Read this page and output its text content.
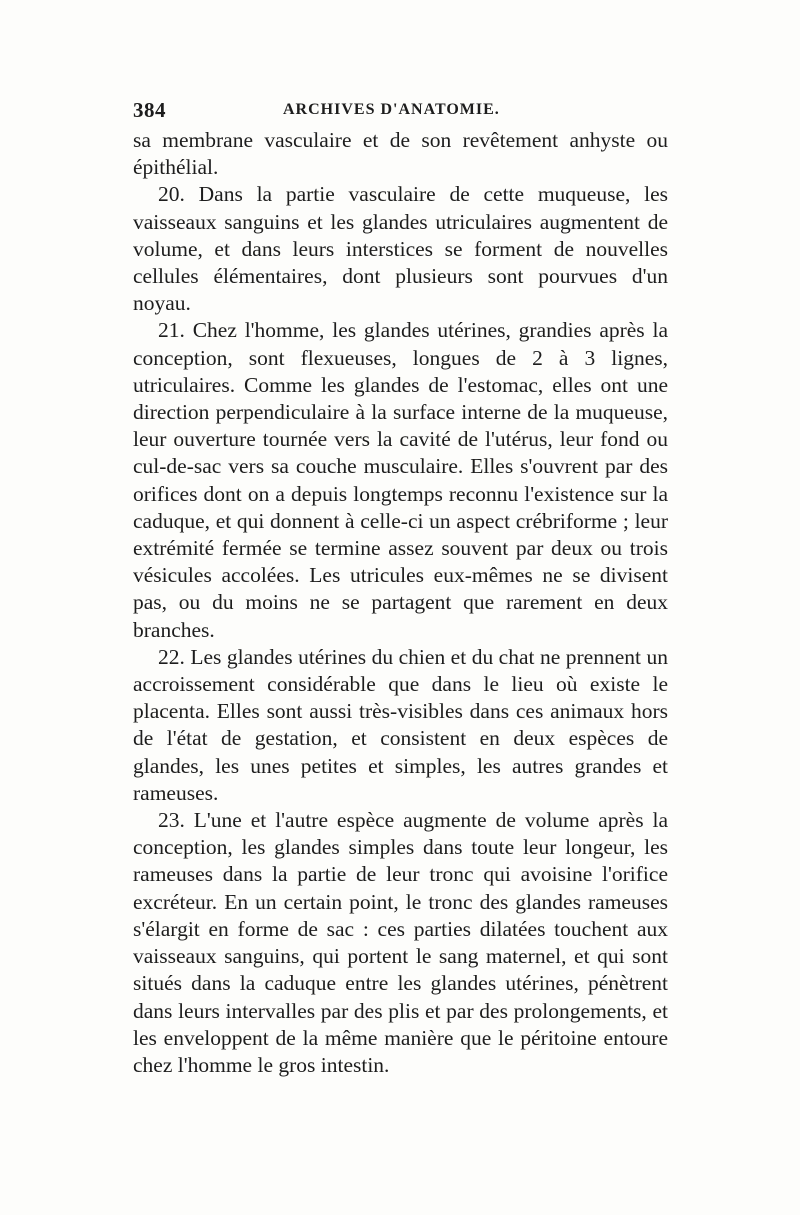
384	ARCHIVES D'ANATOMIE.

sa membrane vasculaire et de son revêtement anhyste ou épithélial.

20. Dans la partie vasculaire de cette muqueuse, les vaisseaux sanguins et les glandes utriculaires augmentent de volume, et dans leurs interstices se forment de nouvelles cellules élémentaires, dont plusieurs sont pourvues d'un noyau.

21. Chez l'homme, les glandes utérines, grandies après la conception, sont flexueuses, longues de 2 à 3 lignes, utriculaires. Comme les glandes de l'estomac, elles ont une direction perpendiculaire à la surface interne de la muqueuse, leur ouverture tournée vers la cavité de l'utérus, leur fond ou cul-de-sac vers sa couche musculaire. Elles s'ouvrent par des orifices dont on a depuis longtemps reconnu l'existence sur la caduque, et qui donnent à celle-ci un aspect crébriforme ; leur extrémité fermée se termine assez souvent par deux ou trois vésicules accolées. Les utricules eux-mêmes ne se divisent pas, ou du moins ne se partagent que rarement en deux branches.

22. Les glandes utérines du chien et du chat ne prennent un accroissement considérable que dans le lieu où existe le placenta. Elles sont aussi très-visibles dans ces animaux hors de l'état de gestation, et consistent en deux espèces de glandes, les unes petites et simples, les autres grandes et rameuses.

23. L'une et l'autre espèce augmente de volume après la conception, les glandes simples dans toute leur longeur, les rameuses dans la partie de leur tronc qui avoisine l'orifice excréteur. En un certain point, le tronc des glandes rameuses s'élargit en forme de sac : ces parties dilatées touchent aux vaisseaux sanguins, qui portent le sang maternel, et qui sont situés dans la caduque entre les glandes utérines, pénètrent dans leurs intervalles par des plis et par des prolongements, et les enveloppent de la même manière que le péritoine entoure chez l'homme le gros intestin.
